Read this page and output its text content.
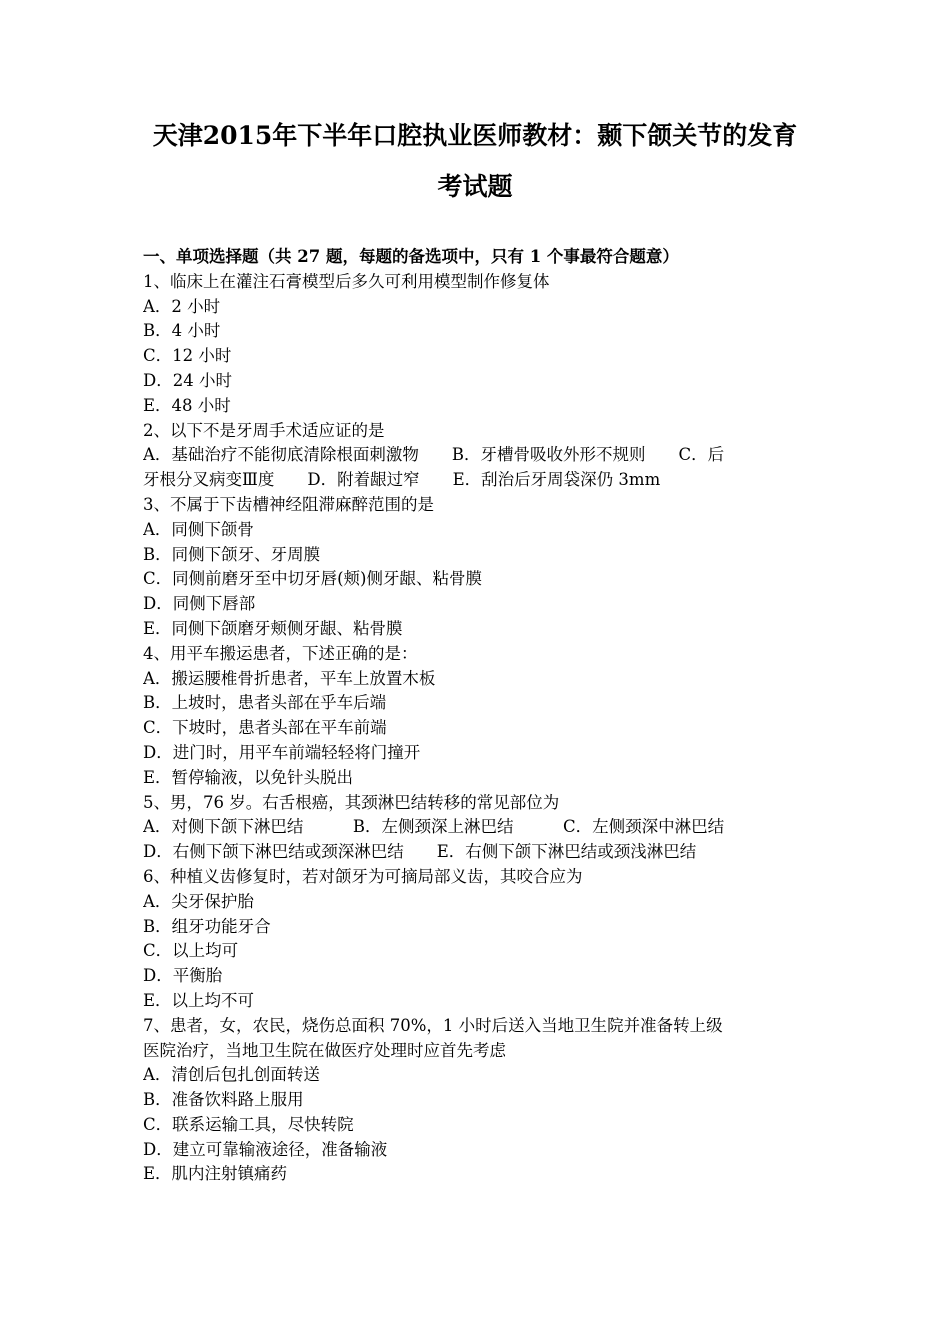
天津2015年下半年口腔执业医师教材：颞下颌关节的发育
考试题

一、单项选择题（共 27 题，每题的备选项中，只有 1 个事最符合题意）

1、临床上在灌注石膏模型后多久可利用模型制作修复体

A．2 小时

B．4 小时

C．12 小时

D．24 小时

E．48 小时

2、以下不是牙周手术适应证的是

A．基础治疗不能彻底清除根面刺激物　　B．牙槽骨吸收外形不规则　　C．后

牙根分叉病变Ⅲ度　　D．附着龈过窄　　E．刮治后牙周袋深仍 3mm

3、不属于下齿槽神经阻滞麻醉范围的是

A．同侧下颌骨

B．同侧下颌牙、牙周膜

C．同侧前磨牙至中切牙唇(颊)侧牙龈、粘骨膜

D．同侧下唇部

E．同侧下颌磨牙颊侧牙龈、粘骨膜

4、用平车搬运患者，下述正确的是：

A．搬运腰椎骨折患者，平车上放置木板

B．上坡时，患者头部在乎车后端

C．下坡时，患者头部在平车前端

D．进门时，用平车前端轻轻将门撞开

E．暂停输液，以免针头脱出

5、男，76 岁。右舌根癌，其颈淋巴结转移的常见部位为

A．对侧下颌下淋巴结　　　B．左侧颈深上淋巴结　　　C．左侧颈深中淋巴结

D．右侧下颌下淋巴结或颈深淋巴结　　E．右侧下颌下淋巴结或颈浅淋巴结

6、种植义齿修复时，若对颌牙为可摘局部义齿，其咬合应为

A．尖牙保护胎

B．组牙功能牙合

C．以上均可

D．平衡胎

E．以上均不可

7、患者，女，农民，烧伤总面积 70%，1 小时后送入当地卫生院并准备转上级

医院治疗，当地卫生院在做医疗处理时应首先考虑

A．清创后包扎创面转送

B．准备饮料路上服用

C．联系运输工具，尽快转院

D．建立可靠输液途径，准备输液

E．肌内注射镇痛药
